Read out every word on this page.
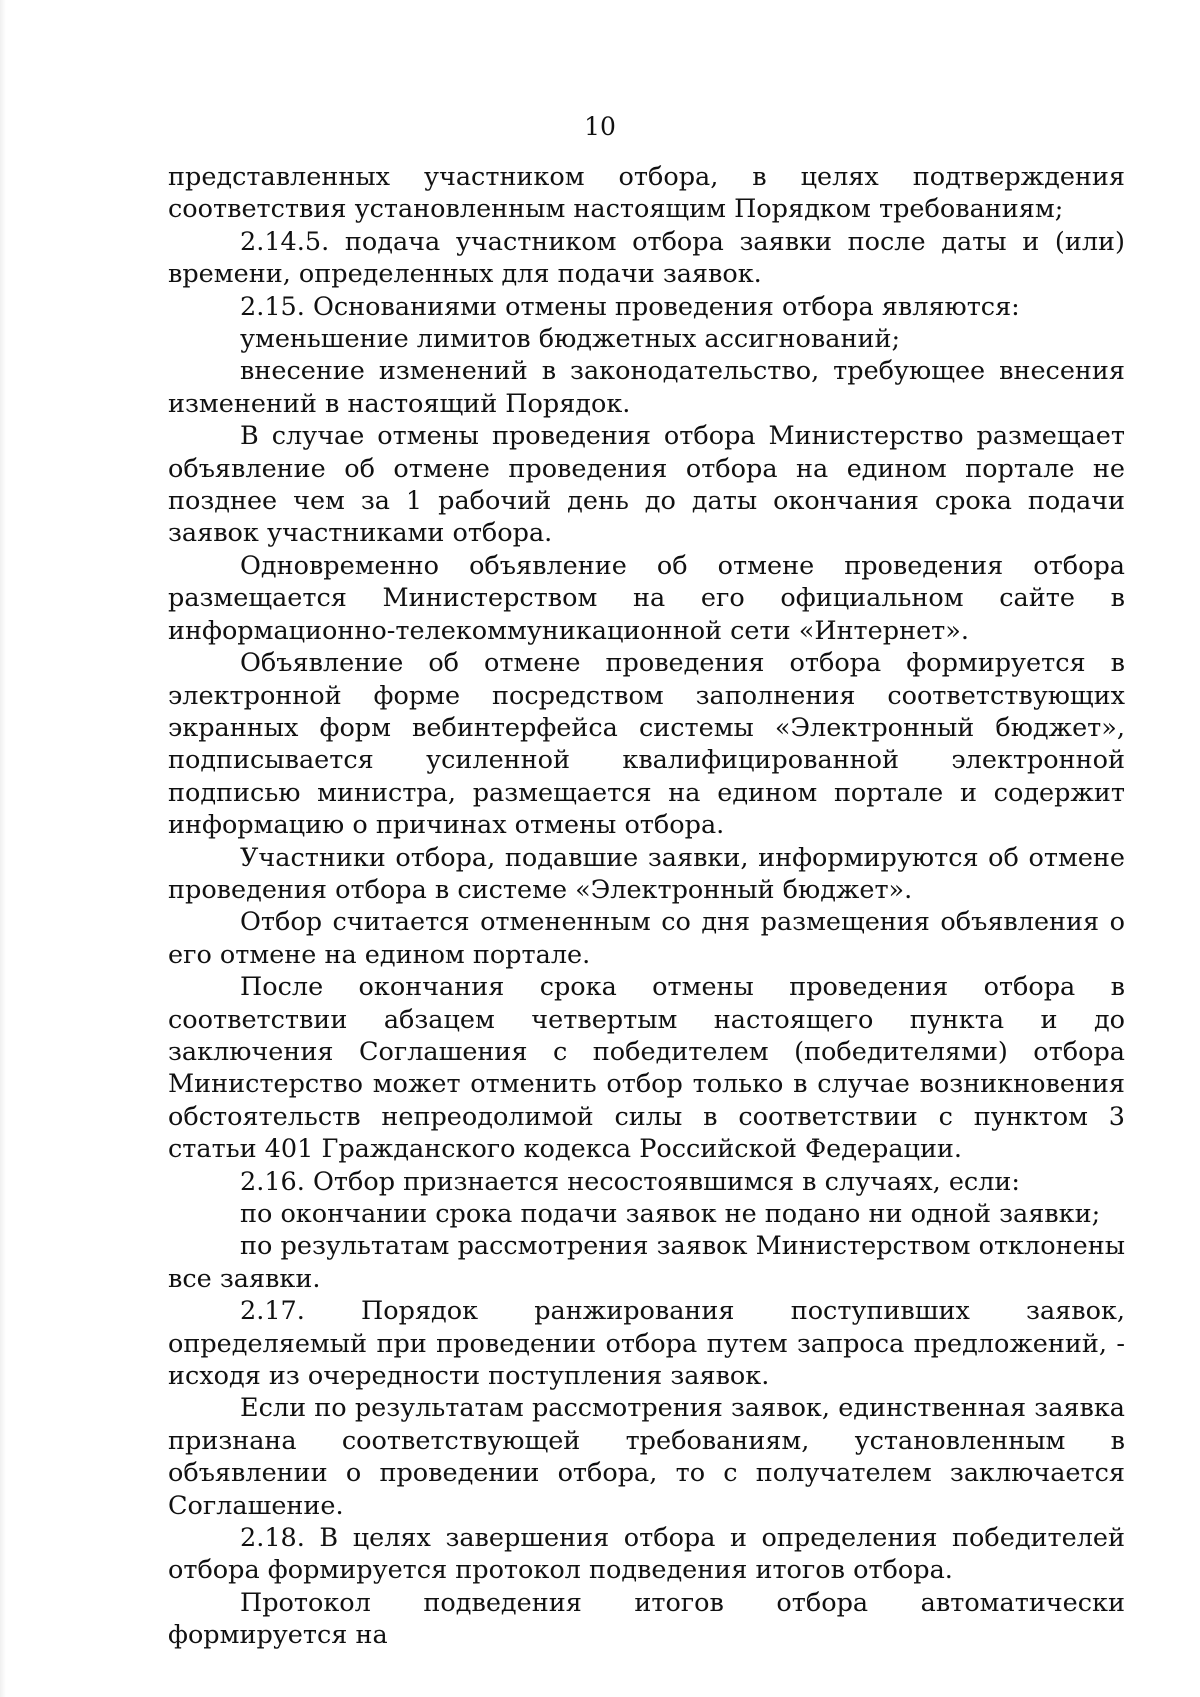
10

представленных участником отбора, в целях подтверждения соответствия установленным настоящим Порядком требованиям;

2.14.5. подача участником отбора заявки после даты и (или) времени, определенных для подачи заявок.

2.15. Основаниями отмены проведения отбора являются:

уменьшение лимитов бюджетных ассигнований;

внесение изменений в законодательство, требующее внесения изменений в настоящий Порядок.

В случае отмены проведения отбора Министерство размещает объявление об отмене проведения отбора на едином портале не позднее чем за 1 рабочий день до даты окончания срока подачи заявок участниками отбора.

Одновременно объявление об отмене проведения отбора размещается Министерством на его официальном сайте в информационно-телекоммуникационной сети «Интернет».

Объявление об отмене проведения отбора формируется в электронной форме посредством заполнения соответствующих экранных форм вебинтерфейса системы «Электронный бюджет», подписывается усиленной квалифицированной электронной подписью министра, размещается на едином портале и содержит информацию о причинах отмены отбора.

Участники отбора, подавшие заявки, информируются об отмене проведения отбора в системе «Электронный бюджет».

Отбор считается отмененным со дня размещения объявления о его отмене на едином портале.

После окончания срока отмены проведения отбора в соответствии абзацем четвертым настоящего пункта и до заключения Соглашения с победителем (победителями) отбора Министерство может отменить отбор только в случае возникновения обстоятельств непреодолимой силы в соответствии с пунктом 3 статьи 401 Гражданского кодекса Российской Федерации.

2.16. Отбор признается несостоявшимся в случаях, если:

по окончании срока подачи заявок не подано ни одной заявки;

по результатам рассмотрения заявок Министерством отклонены все заявки.

2.17. Порядок ранжирования поступивших заявок, определяемый при проведении отбора путем запроса предложений, - исходя из очередности поступления заявок.

Если по результатам рассмотрения заявок, единственная заявка признана соответствующей требованиям, установленным в объявлении о проведении отбора, то с получателем заключается Соглашение.

2.18. В целях завершения отбора и определения победителей отбора формируется протокол подведения итогов отбора.

Протокол подведения итогов отбора автоматически формируется на
